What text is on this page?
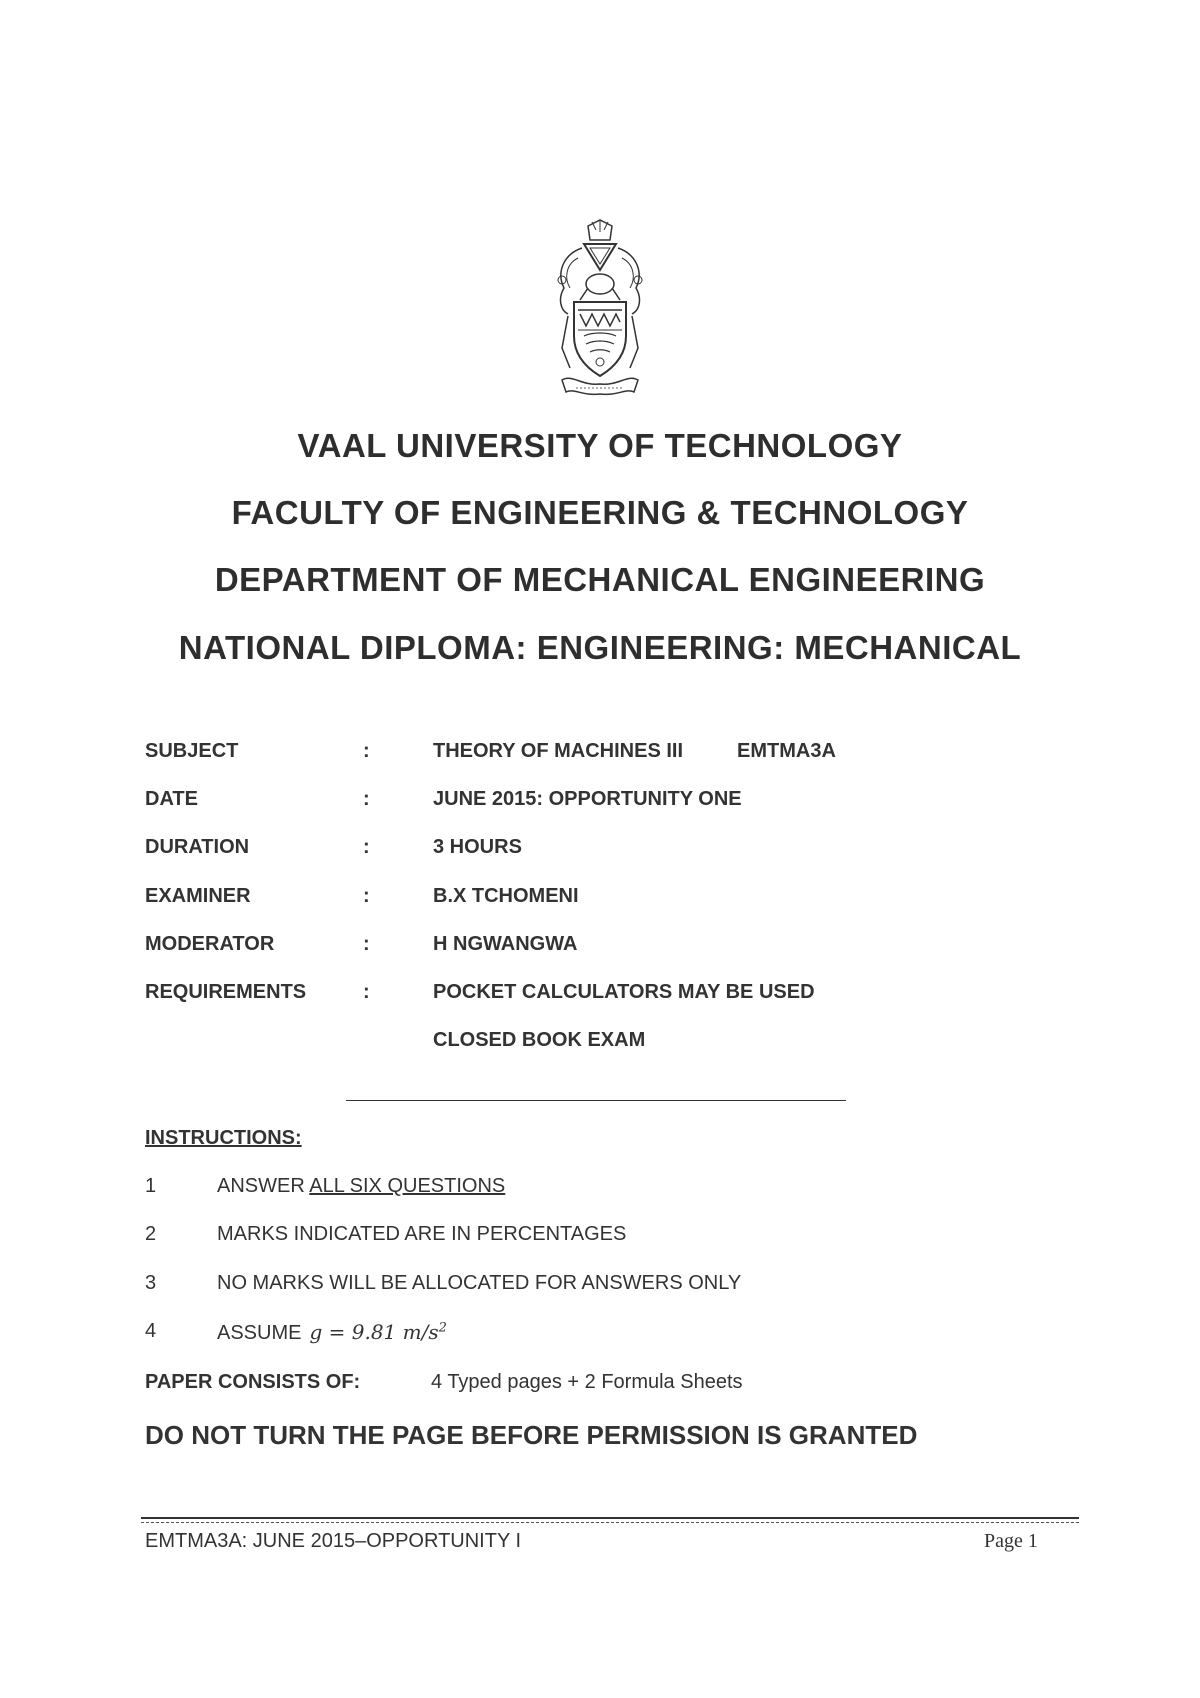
VAAL UNIVERSITY OF TECHNOLOGY
FACULTY OF ENGINEERING & TECHNOLOGY
DEPARTMENT OF MECHANICAL ENGINEERING
NATIONAL DIPLOMA: ENGINEERING: MECHANICAL
SUBJECT	:	THEORY OF MACHINES III	EMTMA3A
DATE	:	JUNE 2015: OPPORTUNITY ONE
DURATION	:	3 HOURS
EXAMINER	:	B.X TCHOMENI
MODERATOR	:	H NGWANGWA
REQUIREMENTS	:	POCKET CALCULATORS MAY BE USED
CLOSED BOOK EXAM
INSTRUCTIONS:
1	ANSWER ALL SIX QUESTIONS
2	MARKS INDICATED ARE IN PERCENTAGES
3	NO MARKS WILL BE ALLOCATED FOR ANSWERS ONLY
4	ASSUME g = 9.81 $m/s^2$
PAPER CONSISTS OF:	4 Typed pages + 2 Formula Sheets
DO NOT TURN THE PAGE BEFORE PERMISSION IS GRANTED
EMTMA3A: JUNE 2015–OPPORTUNITY I	Page 1
